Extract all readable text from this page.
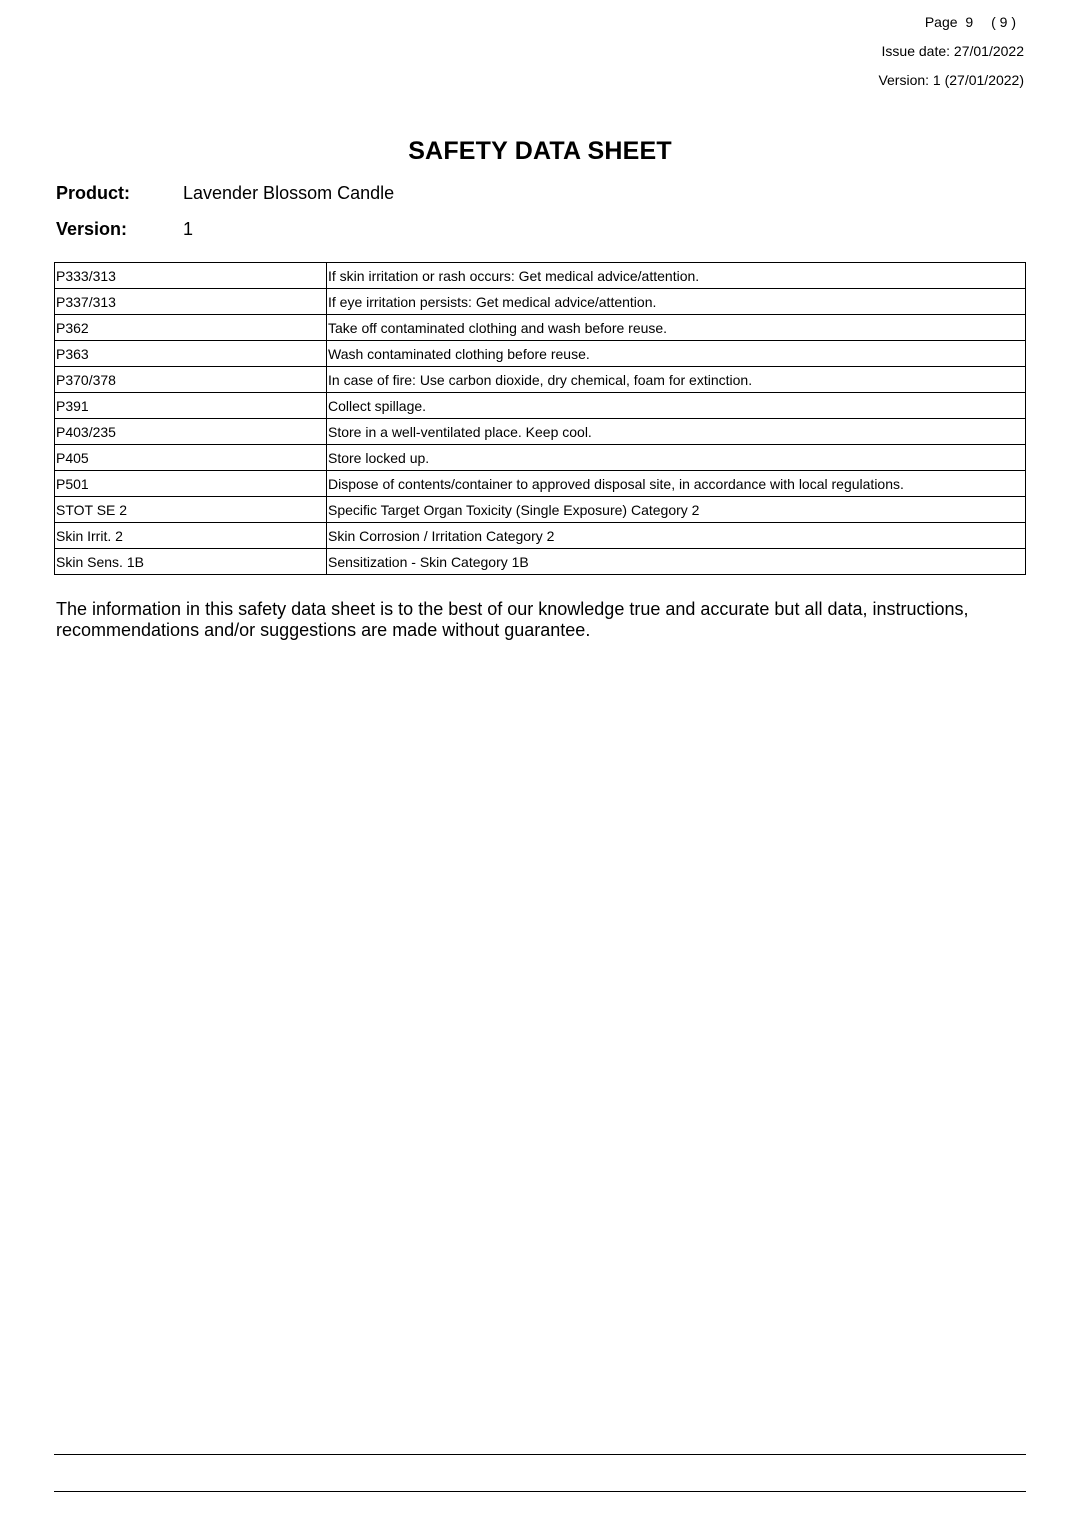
Page 9 ( 9 )
Issue date: 27/01/2022
Version: 1 (27/01/2022)
SAFETY DATA SHEET
Product:	Lavender Blossom Candle
Version:	1
P333/313	If skin irritation or rash occurs: Get medical advice/attention.
P337/313	If eye irritation persists: Get medical advice/attention.
P362	Take off contaminated clothing and wash before reuse.
P363	Wash contaminated clothing before reuse.
P370/378	In case of fire: Use carbon dioxide, dry chemical, foam for extinction.
P391	Collect spillage.
P403/235	Store in a well-ventilated place. Keep cool.
P405	Store locked up.
P501	Dispose of contents/container to approved disposal site, in accordance with local regulations.
STOT SE 2	Specific Target Organ Toxicity (Single Exposure) Category 2
Skin Irrit. 2	Skin Corrosion / Irritation Category 2
Skin Sens. 1B	Sensitization - Skin Category 1B
The information in this safety data sheet is to the best of our knowledge true and accurate but all data, instructions, recommendations and/or suggestions are made without guarantee.
